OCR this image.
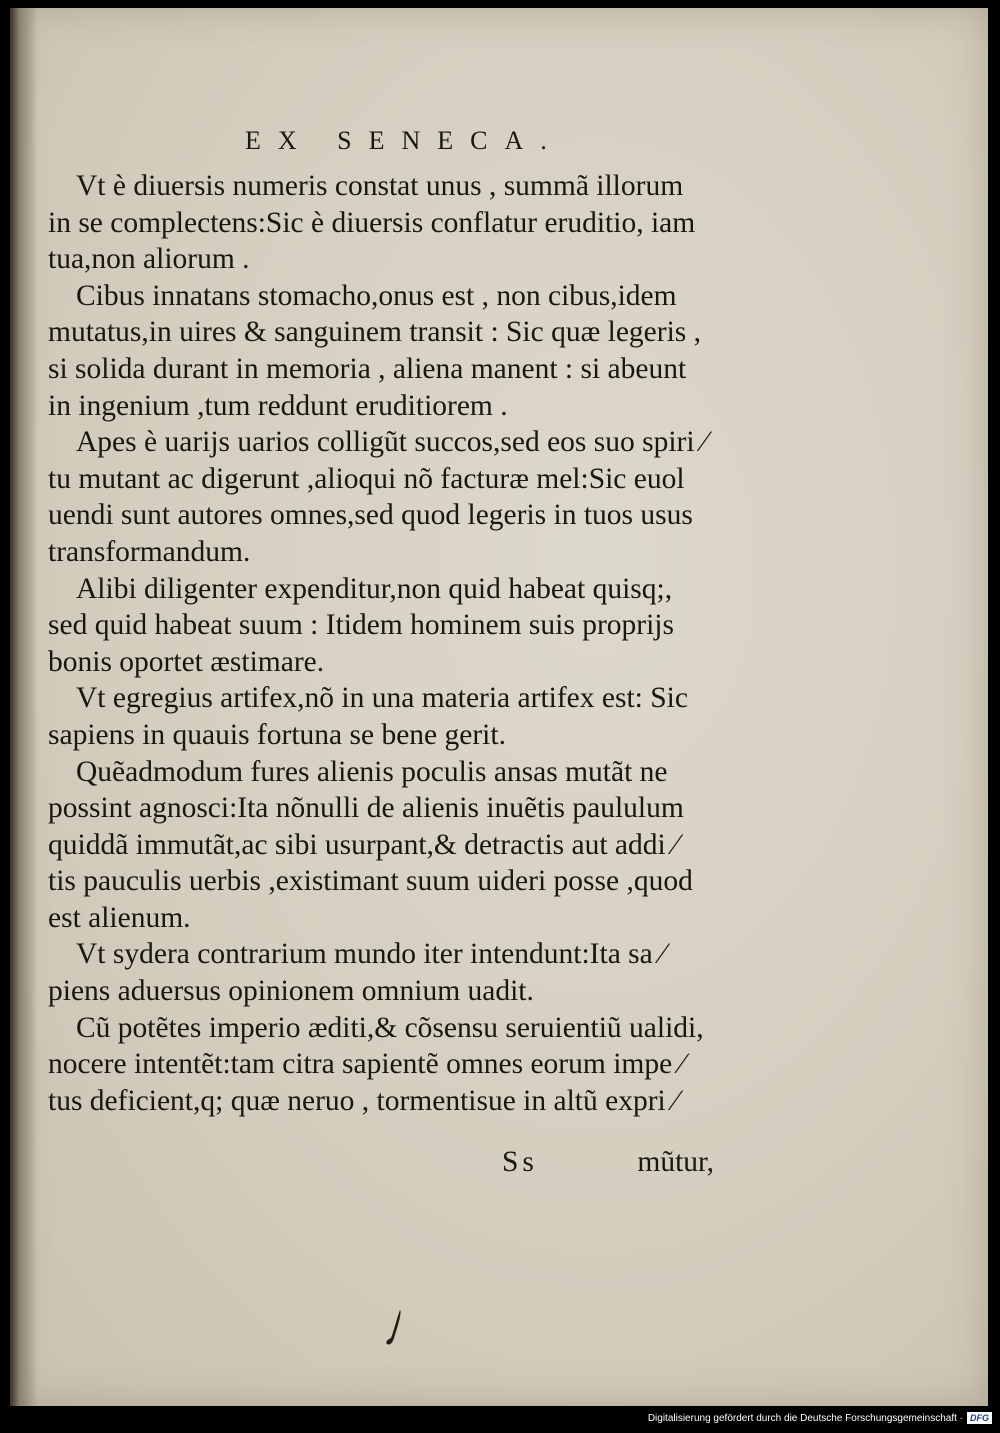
EX SENECA.
Vt è diuersis numeris constat unus , summã illorum
in se complectens:Sic è diuersis conflatur eruditio, iam
tua,non aliorum .
Cibus innatans stomacho,onus est , non cibus,idem
mutatus,in uires & sanguinem transit : Sic quæ legeris ,
si solida durant in memoria , aliena manent : si abeunt
in ingenium ,tum reddunt eruditiorem .
Apes è uarijs uarios colligũt succos,sed eos suo spiri ⁄
tu mutant ac digerunt ,alioqui nõ facturæ mel:Sic euol
uendi sunt autores omnes,sed quod legeris in tuos usus
transformandum.
Alibi diligenter expenditur,non quid habeat quisq;,
sed quid habeat suum : Itidem hominem suis proprijs
bonis oportet æstimare.
Vt egregius artifex,nõ in una materia artifex est: Sic
sapiens in quauis fortuna se bene gerit.
Quẽadmodum fures alienis poculis ansas mutãt ne
possint agnosci:Ita nõnulli de alienis inuẽtis paululum
quiddã immutãt,ac sibi usurpant,& detractis aut addi ⁄
tis pauculis uerbis ,existimant suum uideri posse ,quod
est alienum.
Vt sydera contrarium mundo iter intendunt:Ita sa ⁄
piens aduersus opinionem omnium uadit.
Cũ potẽtes imperio æditi,& cõsensu seruientiũ ualidi,
nocere intentẽt:tam citra sapientẽ omnes eorum impe ⁄
tus deficient,q; quæ neruo , tormentisue in altũ expri ⁄
Ss	mũtur,
Digitalisierung gefördert durch die Deutsche Forschungsgemeinschaft · DFG
